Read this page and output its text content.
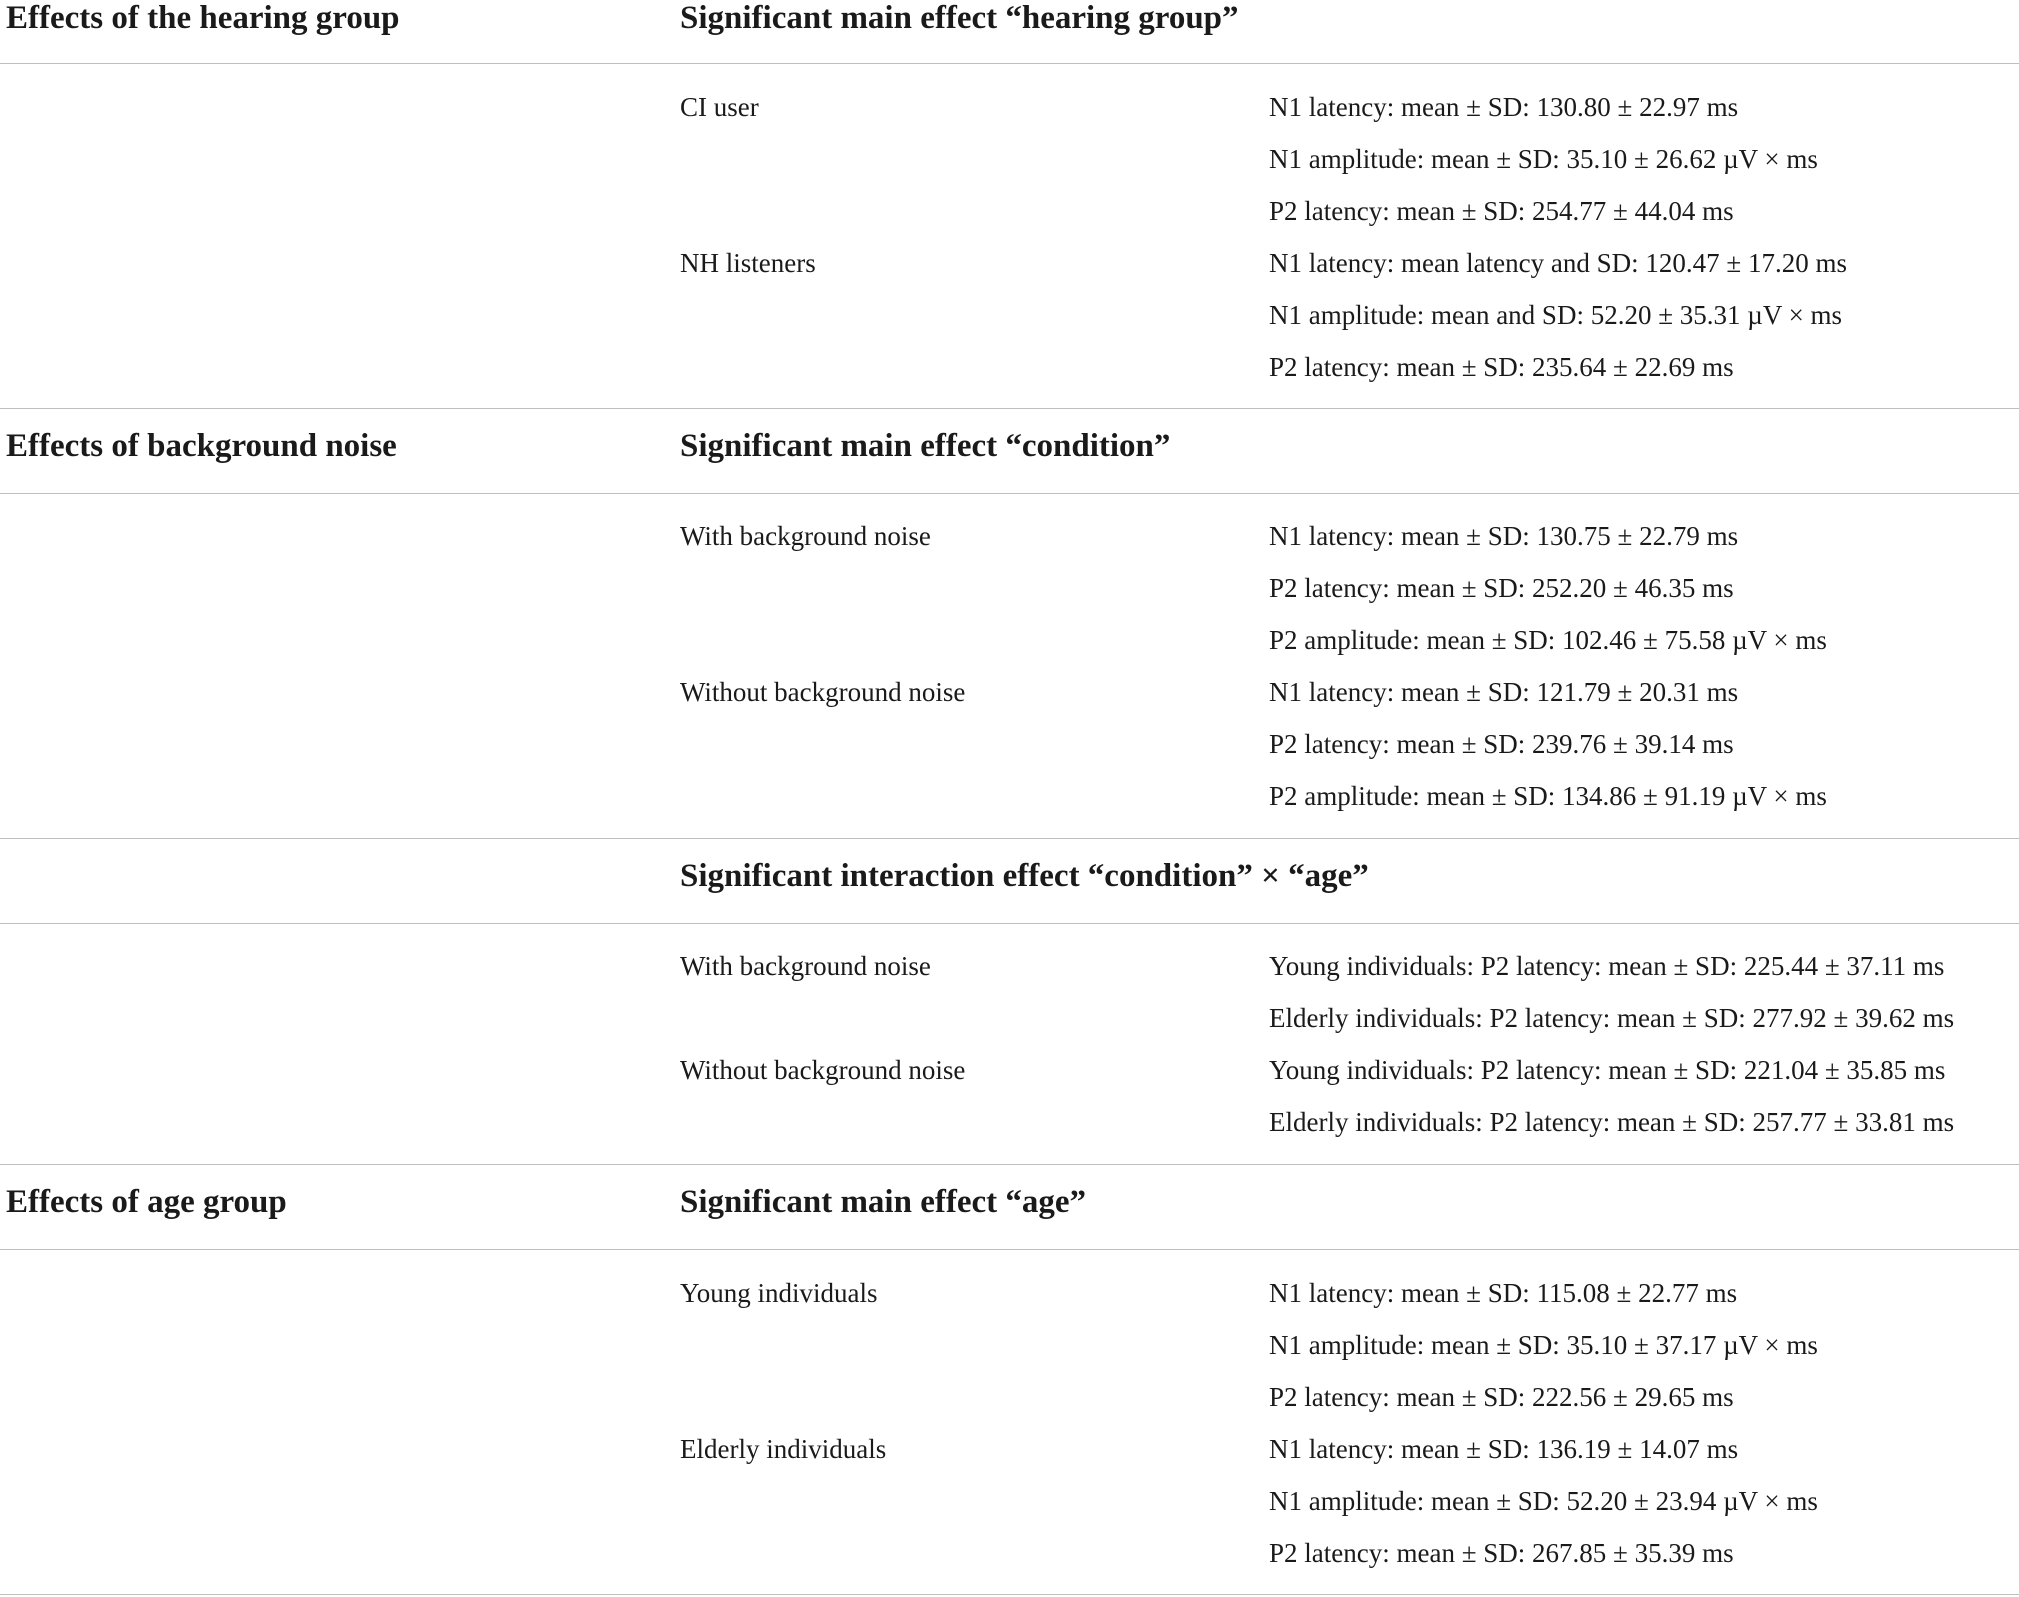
Effects of the hearing group	Significant main effect “hearing group”
CI user	N1 latency: mean ± SD: 130.80 ± 22.97 ms
N1 amplitude: mean ± SD: 35.10 ± 26.62 µV × ms
P2 latency: mean ± SD: 254.77 ± 44.04 ms
NH listeners	N1 latency: mean latency and SD: 120.47 ± 17.20 ms
N1 amplitude: mean and SD: 52.20 ± 35.31 µV × ms
P2 latency: mean ± SD: 235.64 ± 22.69 ms
Effects of background noise	Significant main effect “condition”
With background noise	N1 latency: mean ± SD: 130.75 ± 22.79 ms
P2 latency: mean ± SD: 252.20 ± 46.35 ms
P2 amplitude: mean ± SD: 102.46 ± 75.58 µV × ms
Without background noise	N1 latency: mean ± SD: 121.79 ± 20.31 ms
P2 latency: mean ± SD: 239.76 ± 39.14 ms
P2 amplitude: mean ± SD: 134.86 ± 91.19 µV × ms
Significant interaction effect “condition” × “age”
With background noise	Young individuals: P2 latency: mean ± SD: 225.44 ± 37.11 ms
Elderly individuals: P2 latency: mean ± SD: 277.92 ± 39.62 ms
Without background noise	Young individuals: P2 latency: mean ± SD: 221.04 ± 35.85 ms
Elderly individuals: P2 latency: mean ± SD: 257.77 ± 33.81 ms
Effects of age group	Significant main effect “age”
Young individuals	N1 latency: mean ± SD: 115.08 ± 22.77 ms
N1 amplitude: mean ± SD: 35.10 ± 37.17 µV × ms
P2 latency: mean ± SD: 222.56 ± 29.65 ms
Elderly individuals	N1 latency: mean ± SD: 136.19 ± 14.07 ms
N1 amplitude: mean ± SD: 52.20 ± 23.94 µV × ms
P2 latency: mean ± SD: 267.85 ± 35.39 ms
